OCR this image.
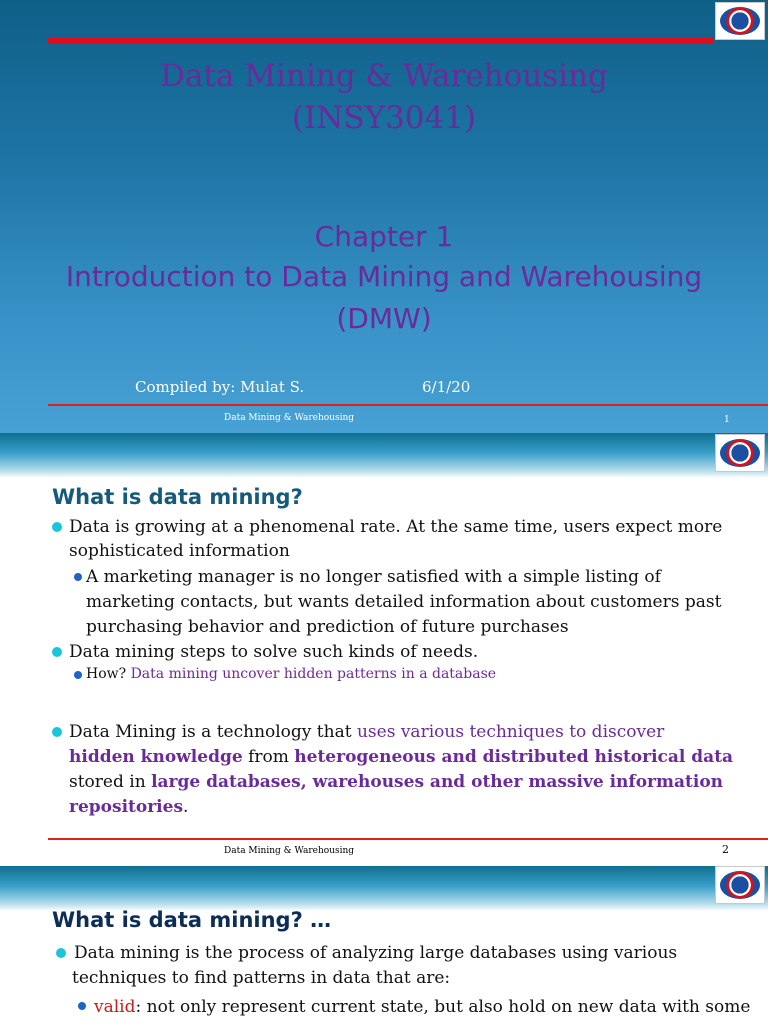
Data Mining & Warehousing
(INSY3041)
Chapter 1
Introduction to Data Mining and Warehousing
(DMW)
Compiled by: Mulat S.	6/1/20
Data Mining & Warehousing	1
What is data mining?
Data is growing at a phenomenal rate. At the same time, users expect more
sophisticated information
A marketing manager is no longer satisfied with a simple listing of
marketing contacts, but wants detailed information about customers past
purchasing behavior and prediction of future purchases
Data mining steps to solve such kinds of needs.
How? Data mining uncover hidden patterns in a database
Data Mining is a technology that uses various techniques to discover
hidden knowledge from heterogeneous and distributed historical data
stored in large databases, warehouses and other massive information
repositories.
Data Mining & Warehousing	2
What is data mining? …
Data mining is the process of analyzing large databases using various
techniques to find patterns in data that are:
valid: not only represent current state, but also hold on new data with some
